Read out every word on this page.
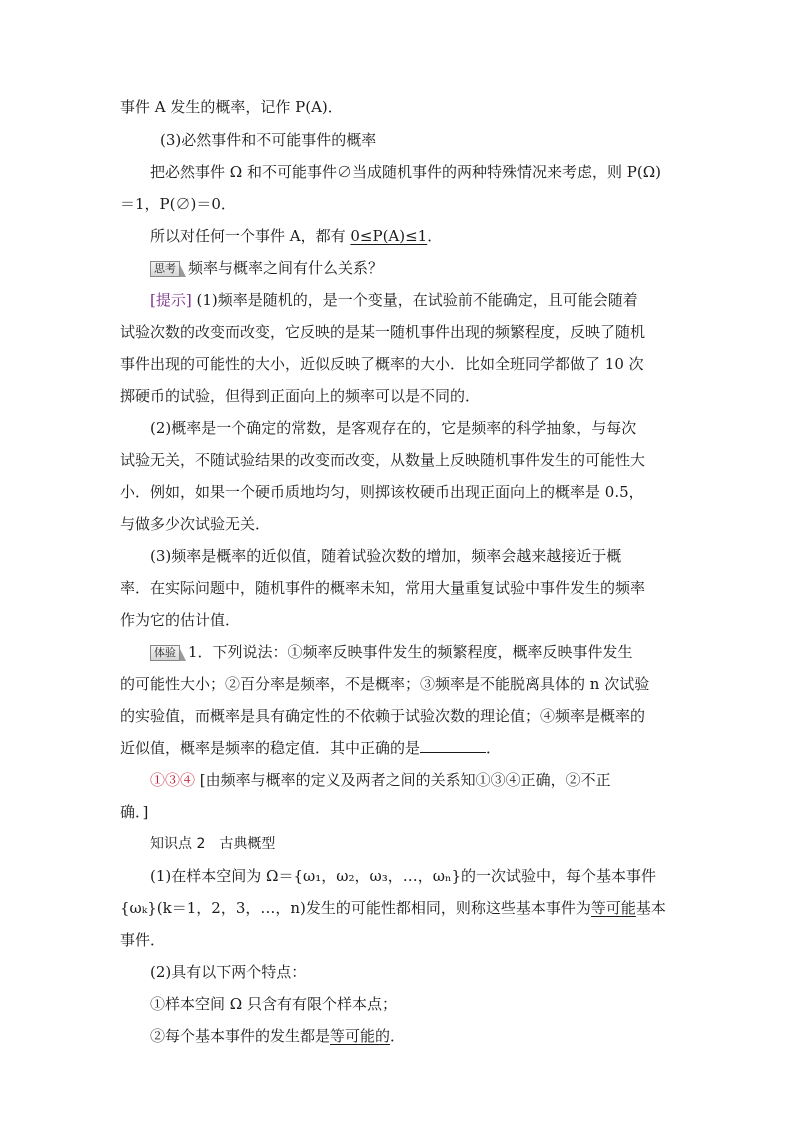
事件 A 发生的概率，记作 P(A)．
(3)必然事件和不可能事件的概率
把必然事件 Ω 和不可能事件∅当成随机事件的两种特殊情况来考虑，则 P(Ω)
＝1，P(∅)＝0．
所以对任何一个事件 A，都有 0≤P(A)≤1．
思考 频率与概率之间有什么关系？
[提示] (1)频率是随机的，是一个变量，在试验前不能确定，且可能会随着
试验次数的改变而改变，它反映的是某一随机事件出现的频繁程度，反映了随机
事件出现的可能性的大小，近似反映了概率的大小．比如全班同学都做了 10 次
掷硬币的试验，但得到正面向上的频率可以是不同的．
(2)概率是一个确定的常数，是客观存在的，它是频率的科学抽象，与每次
试验无关，不随试验结果的改变而改变，从数量上反映随机事件发生的可能性大
小．例如，如果一个硬币质地均匀，则掷该枚硬币出现正面向上的概率是 0.5，
与做多少次试验无关．
(3)频率是概率的近似值，随着试验次数的增加，频率会越来越接近于概
率．在实际问题中，随机事件的概率未知，常用大量重复试验中事件发生的频率
作为它的估计值．
体验 1．下列说法：①频率反映事件发生的频繁程度，概率反映事件发生
的可能性大小；②百分率是频率，不是概率；③频率是不能脱离具体的 n 次试验
的实验值，而概率是具有确定性的不依赖于试验次数的理论值；④频率是概率的
近似值，概率是频率的稳定值．其中正确的是	．
①③④ [由频率与概率的定义及两者之间的关系知①③④正确，②不正
确．]
知识点 2　古典概型
(1)在样本空间为 Ω＝{ω₁，ω₂，ω₃，…，ωₙ}的一次试验中，每个基本事件
{ωₖ}(k＝1，2，3，…，n)发生的可能性都相同，则称这些基本事件为等可能基本
事件．
(2)具有以下两个特点：
①样本空间 Ω 只含有有限个样本点；
②每个基本事件的发生都是等可能的．
